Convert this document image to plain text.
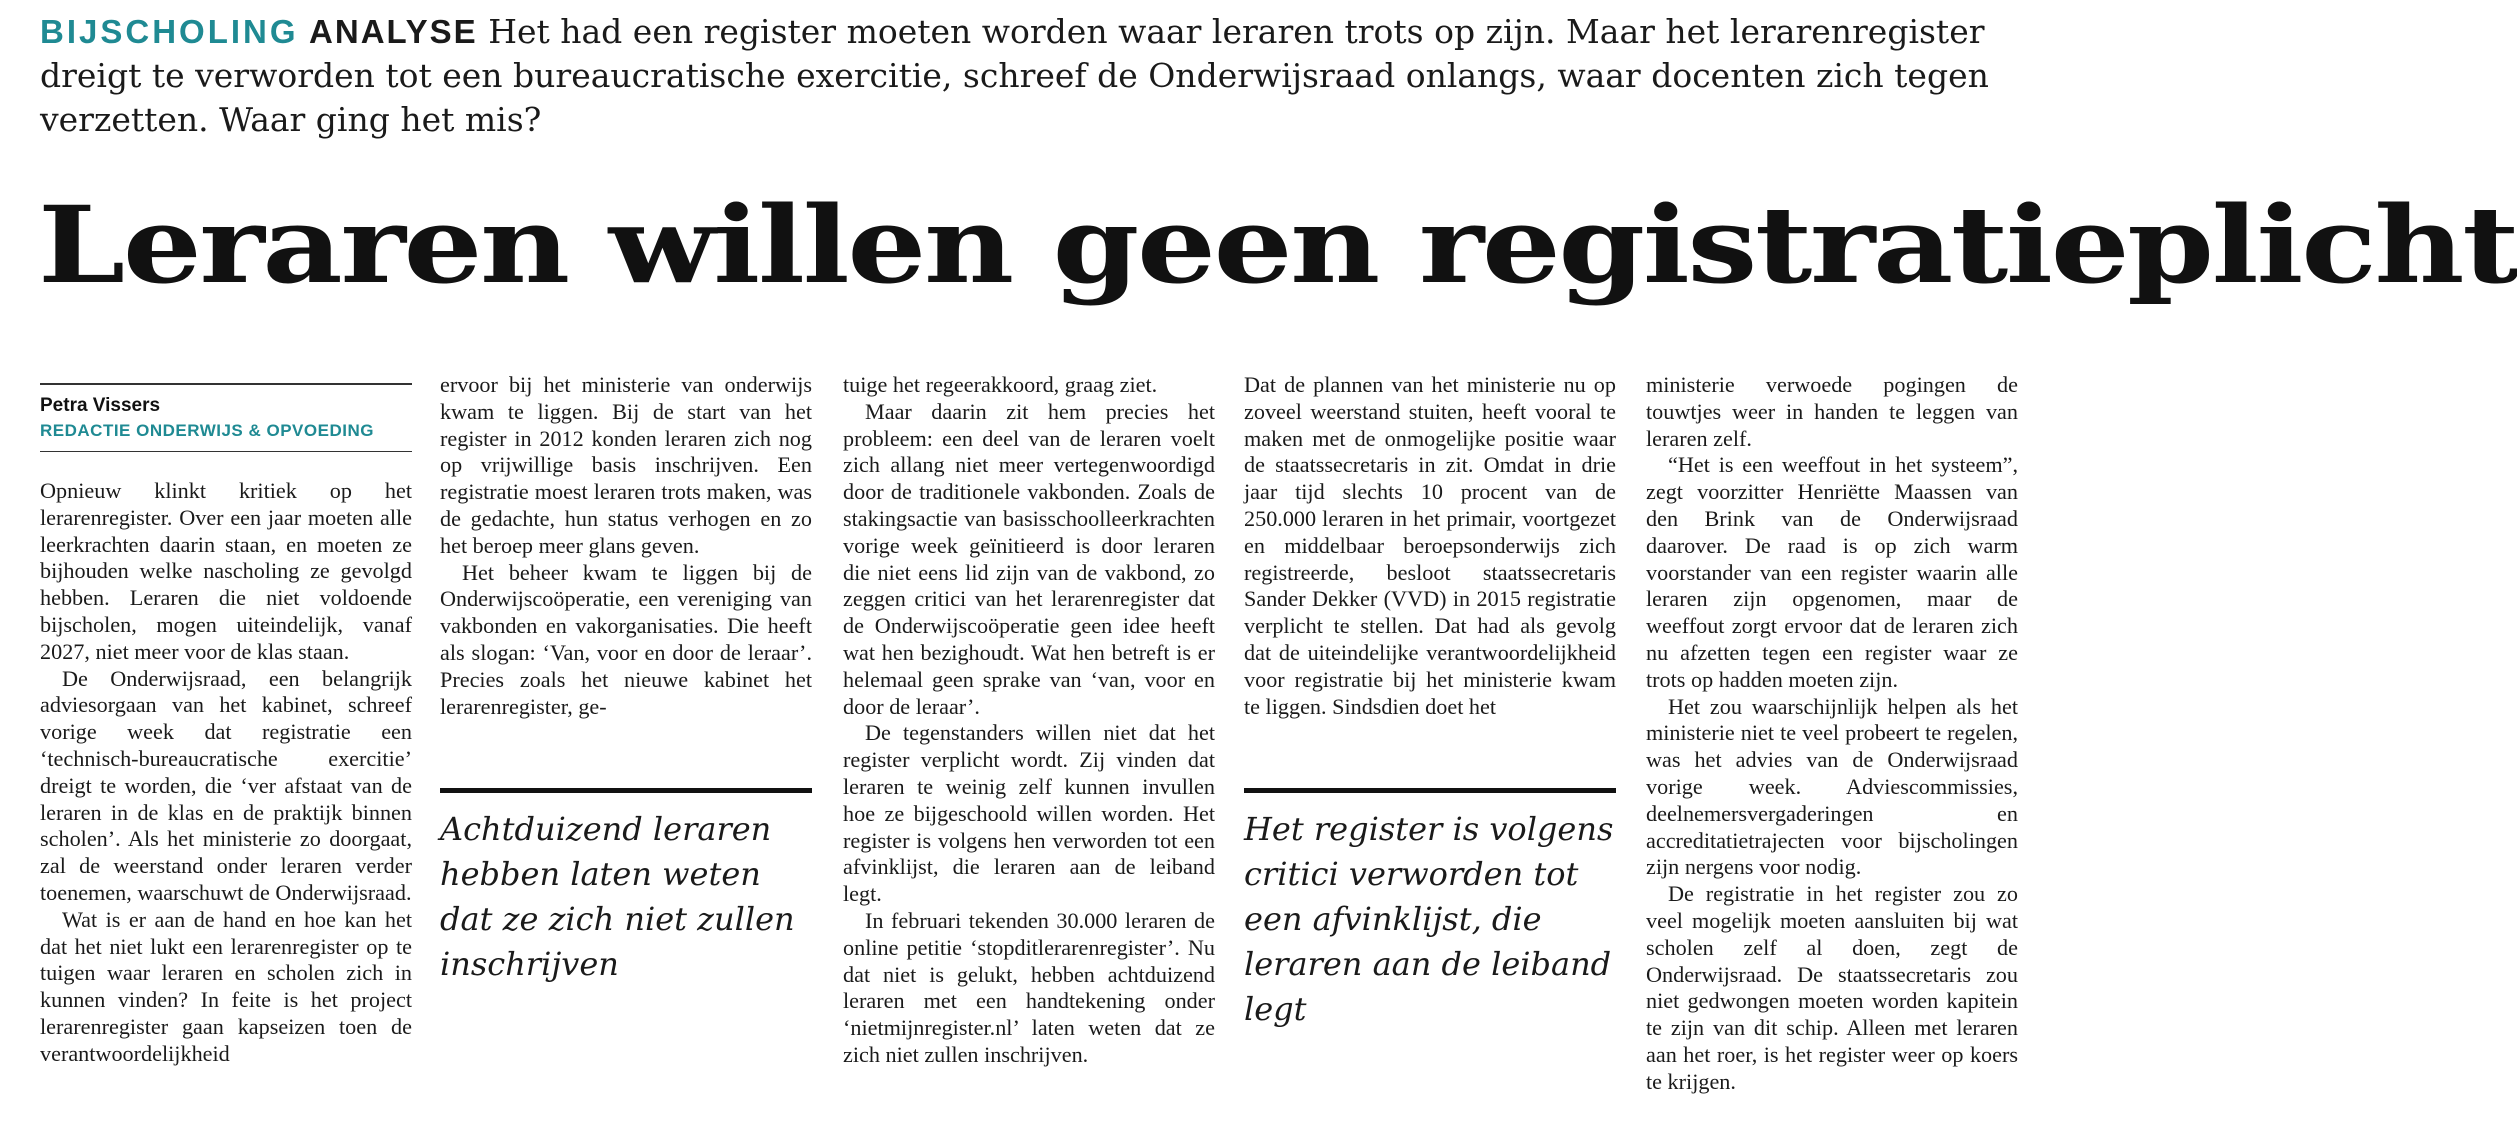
BIJSCHOLING ANALYSE Het had een register moeten worden waar leraren trots op zijn. Maar het lerarenregister dreigt te verworden tot een bureaucratische exercitie, schreef de Onderwijsraad onlangs, waar docenten zich tegen verzetten. Waar ging het mis?
Leraren willen geen registratieplicht
Petra Vissers
REDACTIE ONDERWIJS & OPVOEDING

Opnieuw klinkt kritiek op het lerarenregister. Over een jaar moeten alle leerkrachten daarin staan, en moeten ze bijhouden welke nascholing ze gevolgd hebben. Leraren die niet voldoende bijscholen, mogen uiteindelijk, vanaf 2027, niet meer voor de klas staan.

De Onderwijsraad, een belangrijk adviesorgaan van het kabinet, schreef vorige week dat registratie een ‘technisch-bureaucratische exercitie’ dreigt te worden, die ‘ver afstaat van de leraren in de klas en de praktijk binnen scholen’. Als het ministerie zo doorgaat, zal de weerstand onder leraren verder toenemen, waarschuwt de Onderwijsraad.

Wat is er aan de hand en hoe kan het dat het niet lukt een lerarenregister op te tuigen waar leraren en scholen zich in kunnen vinden? In feite is het project lerarenregister gaan kapseizen toen de verantwoordelijkheid

ervoor bij het ministerie van onderwijs kwam te liggen. Bij de start van het register in 2012 konden leraren zich nog op vrijwillige basis inschrijven. Een registratie moest leraren trots maken, was de gedachte, hun status verhogen en zo het beroep meer glans geven.

Het beheer kwam te liggen bij de Onderwijscoöperatie, een vereniging van vakbonden en vakorganisaties. Die heeft als slogan: ‘Van, voor en door de leraar’. Precies zoals het nieuwe kabinet het lerarenregister, ge-

tuige het regeerakkoord, graag ziet.

Maar daarin zit hem precies het probleem: een deel van de leraren voelt zich allang niet meer vertegenwoordigd door de traditionele vakbonden. Zoals de stakingsactie van basisschoolleerkrachten vorige week geïnitieerd is door leraren die niet eens lid zijn van de vakbond, zo zeggen critici van het lerarenregister dat de Onderwijscoöperatie geen idee heeft wat hen bezighoudt. Wat hen betreft is er helemaal geen sprake van ‘van, voor en door de leraar’.

De tegenstanders willen niet dat het register verplicht wordt. Zij vinden dat leraren te weinig zelf kunnen invullen hoe ze bijgeschoold willen worden. Het register is volgens hen verworden tot een afvinklijst, die leraren aan de leiband legt.

In februari tekenden 30.000 leraren de online petitie ‘stopditlerarenregister’. Nu dat niet is gelukt, hebben achtduizend leraren met een handtekening onder ‘nietmijnregister.nl’ laten weten dat ze zich niet zullen inschrijven.

Dat de plannen van het ministerie nu op zoveel weerstand stuiten, heeft vooral te maken met de onmogelijke positie waar de staatssecretaris in zit. Omdat in drie jaar tijd slechts 10 procent van de 250.000 leraren in het primair, voortgezet en middelbaar beroepsonderwijs zich registreerde, besloot staatssecretaris Sander Dekker (VVD) in 2015 registratie verplicht te stellen. Dat had als gevolg dat de uiteindelijke verantwoordelijkheid voor registratie bij het ministerie kwam te liggen. Sindsdien doet het

ministerie verwoede pogingen de touwtjes weer in handen te leggen van leraren zelf.

“Het is een weeffout in het systeem”, zegt voorzitter Henriëtte Maassen van den Brink van de Onderwijsraad daarover. De raad is op zich warm voorstander van een register waarin alle leraren zijn opgenomen, maar de weeffout zorgt ervoor dat de leraren zich nu afzetten tegen een register waar ze trots op hadden moeten zijn.

Het zou waarschijnlijk helpen als het ministerie niet te veel probeert te regelen, was het advies van de Onderwijsraad vorige week. Adviescommissies, deelnemersvergaderingen en accreditatietrajecten voor bijscholingen zijn nergens voor nodig.

De registratie in het register zou zo veel mogelijk moeten aansluiten bij wat scholen zelf al doen, zegt de Onderwijsraad. De staatssecretaris zou niet gedwongen moeten worden kapitein te zijn van dit schip. Alleen met leraren aan het roer, is het register weer op koers te krijgen.

Achtduizend leraren hebben laten weten dat ze zich niet zullen inschrijven
Het register is volgens critici verworden tot een afvinklijst, die leraren aan de leiband legt
